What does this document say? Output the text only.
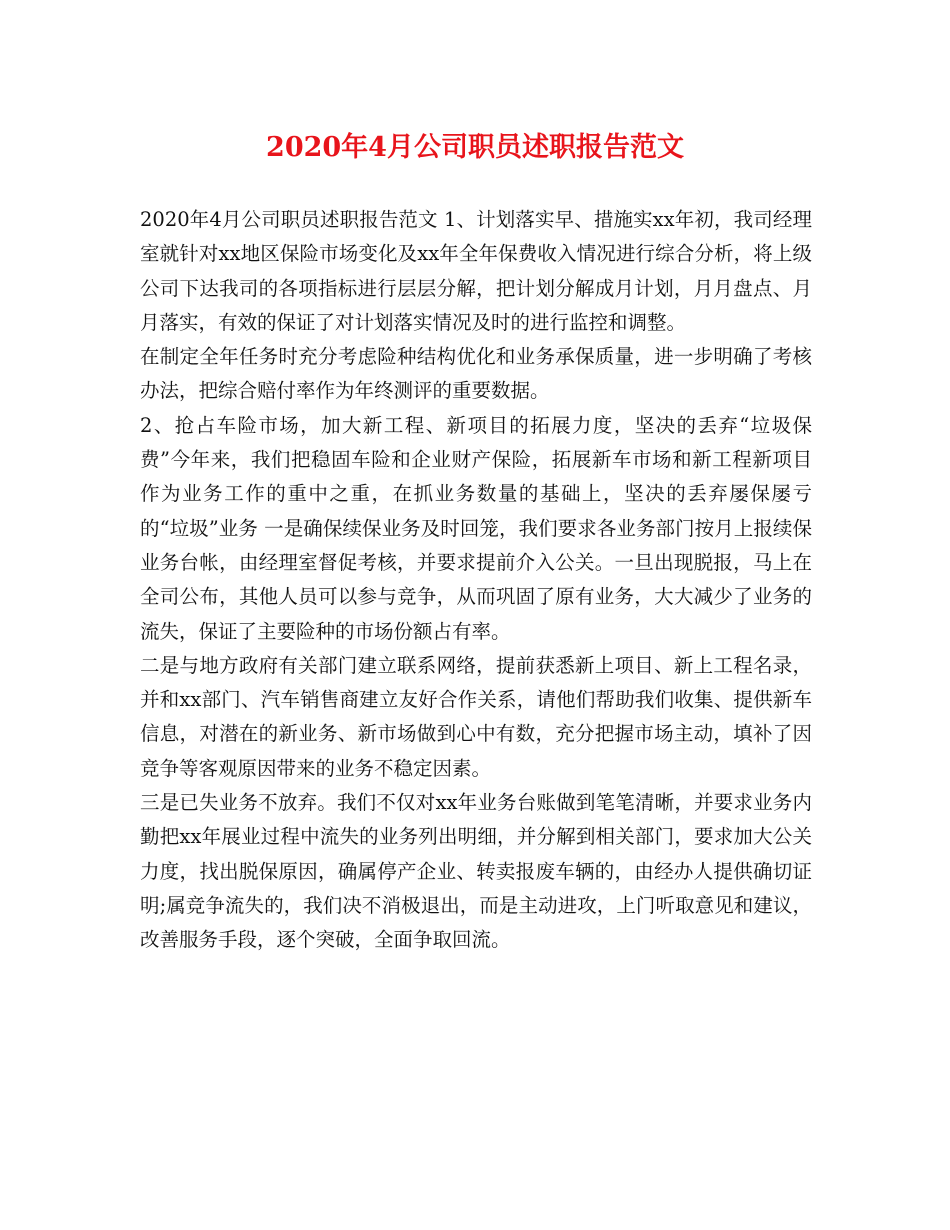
2020年4月公司职员述职报告范文

2020年4月公司职员述职报告范文 1、计划落实早、措施实xx年初，我司经理室就针对xx地区保险市场变化及xx年全年保费收入情况进行综合分析，将上级公司下达我司的各项指标进行层层分解，把计划分解成月计划，月月盘点、月月落实，有效的保证了对计划落实情况及时的进行监控和调整。

在制定全年任务时充分考虑险种结构优化和业务承保质量，进一步明确了考核办法，把综合赔付率作为年终测评的重要数据。

2、抢占车险市场，加大新工程、新项目的拓展力度，坚决的丢弃“垃圾保费”今年来，我们把稳固车险和企业财产保险，拓展新车市场和新工程新项目作为业务工作的重中之重，在抓业务数量的基础上，坚决的丢弃屡保屡亏的“垃圾”业务 一是确保续保业务及时回笼，我们要求各业务部门按月上报续保业务台帐，由经理室督促考核，并要求提前介入公关。一旦出现脱报，马上在全司公布，其他人员可以参与竞争，从而巩固了原有业务，大大减少了业务的流失，保证了主要险种的市场份额占有率。

二是与地方政府有关部门建立联系网络，提前获悉新上项目、新上工程名录，并和xx部门、汽车销售商建立友好合作关系，请他们帮助我们收集、提供新车信息，对潜在的新业务、新市场做到心中有数，充分把握市场主动，填补了因竞争等客观原因带来的业务不稳定因素。

三是已失业务不放弃。我们不仅对xx年业务台账做到笔笔清晰，并要求业务内勤把xx年展业过程中流失的业务列出明细，并分解到相关部门，要求加大公关力度，找出脱保原因，确属停产企业、转卖报废车辆的，由经办人提供确切证明;属竞争流失的，我们决不消极退出，而是主动进攻，上门听取意见和建议，改善服务手段，逐个突破，全面争取回流。
